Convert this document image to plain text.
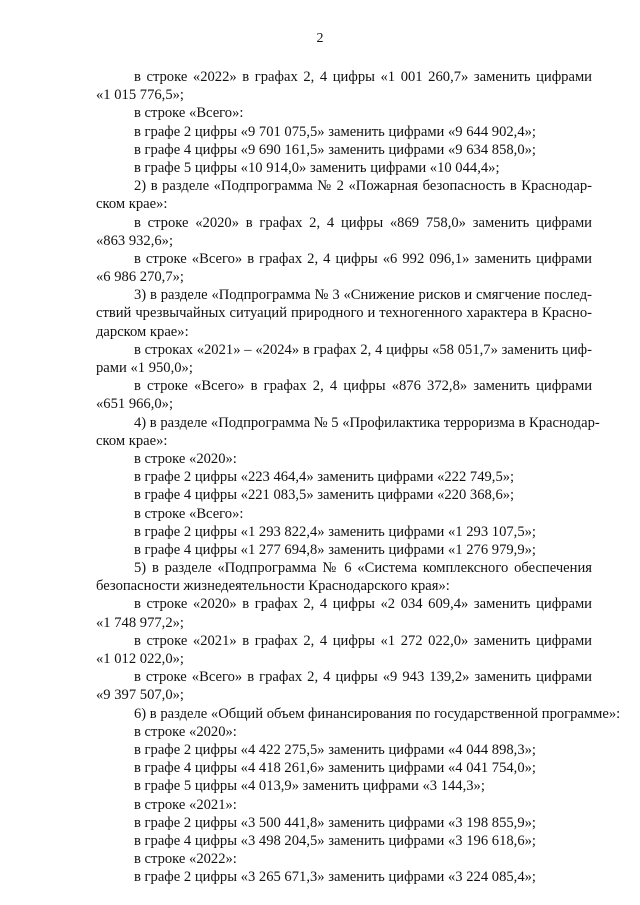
2
в строке «2022» в графах 2, 4 цифры «1 001 260,7» заменить цифрами
«1 015 776,5»;
в строке «Всего»:
в графе 2 цифры «9 701 075,5» заменить цифрами «9 644 902,4»;
в графе 4 цифры «9 690 161,5» заменить цифрами «9 634 858,0»;
в графе 5 цифры «10 914,0» заменить цифрами «10 044,4»;
2) в разделе «Подпрограмма № 2 «Пожарная безопасность в Краснодар-
ском крае»:
в строке «2020» в графах 2, 4 цифры «869 758,0» заменить цифрами
«863 932,6»;
в строке «Всего» в графах 2, 4 цифры «6 992 096,1» заменить цифрами
«6 986 270,7»;
3) в разделе «Подпрограмма № 3 «Снижение рисков и смягчение послед-
ствий чрезвычайных ситуаций природного и техногенного характера в Красно-
дарском крае»:
в строках «2021» – «2024» в графах 2, 4 цифры «58 051,7» заменить циф-
рами «1 950,0»;
в строке «Всего» в графах 2, 4 цифры «876 372,8» заменить цифрами
«651 966,0»;
4) в разделе «Подпрограмма № 5 «Профилактика терроризма в Краснодар-
ском крае»:
в строке «2020»:
в графе 2 цифры «223 464,4» заменить цифрами «222 749,5»;
в графе 4 цифры «221 083,5» заменить цифрами «220 368,6»;
в строке «Всего»:
в графе 2 цифры «1 293 822,4» заменить цифрами «1 293 107,5»;
в графе 4 цифры «1 277 694,8» заменить цифрами «1 276 979,9»;
5) в разделе «Подпрограмма № 6 «Система комплексного обеспечения
безопасности жизнедеятельности Краснодарского края»:
в строке «2020» в графах 2, 4 цифры «2 034 609,4» заменить цифрами
«1 748 977,2»;
в строке «2021» в графах 2, 4 цифры «1 272 022,0» заменить цифрами
«1 012 022,0»;
в строке «Всего» в графах 2, 4 цифры «9 943 139,2» заменить цифрами
«9 397 507,0»;
6) в разделе «Общий объем финансирования по государственной программе»:
в строке «2020»:
в графе 2 цифры «4 422 275,5» заменить цифрами «4 044 898,3»;
в графе 4 цифры «4 418 261,6» заменить цифрами «4 041 754,0»;
в графе 5 цифры «4 013,9» заменить цифрами «3 144,3»;
в строке «2021»:
в графе 2 цифры «3 500 441,8» заменить цифрами «3 198 855,9»;
в графе 4 цифры «3 498 204,5» заменить цифрами «3 196 618,6»;
в строке «2022»:
в графе 2 цифры «3 265 671,3» заменить цифрами «3 224 085,4»;
